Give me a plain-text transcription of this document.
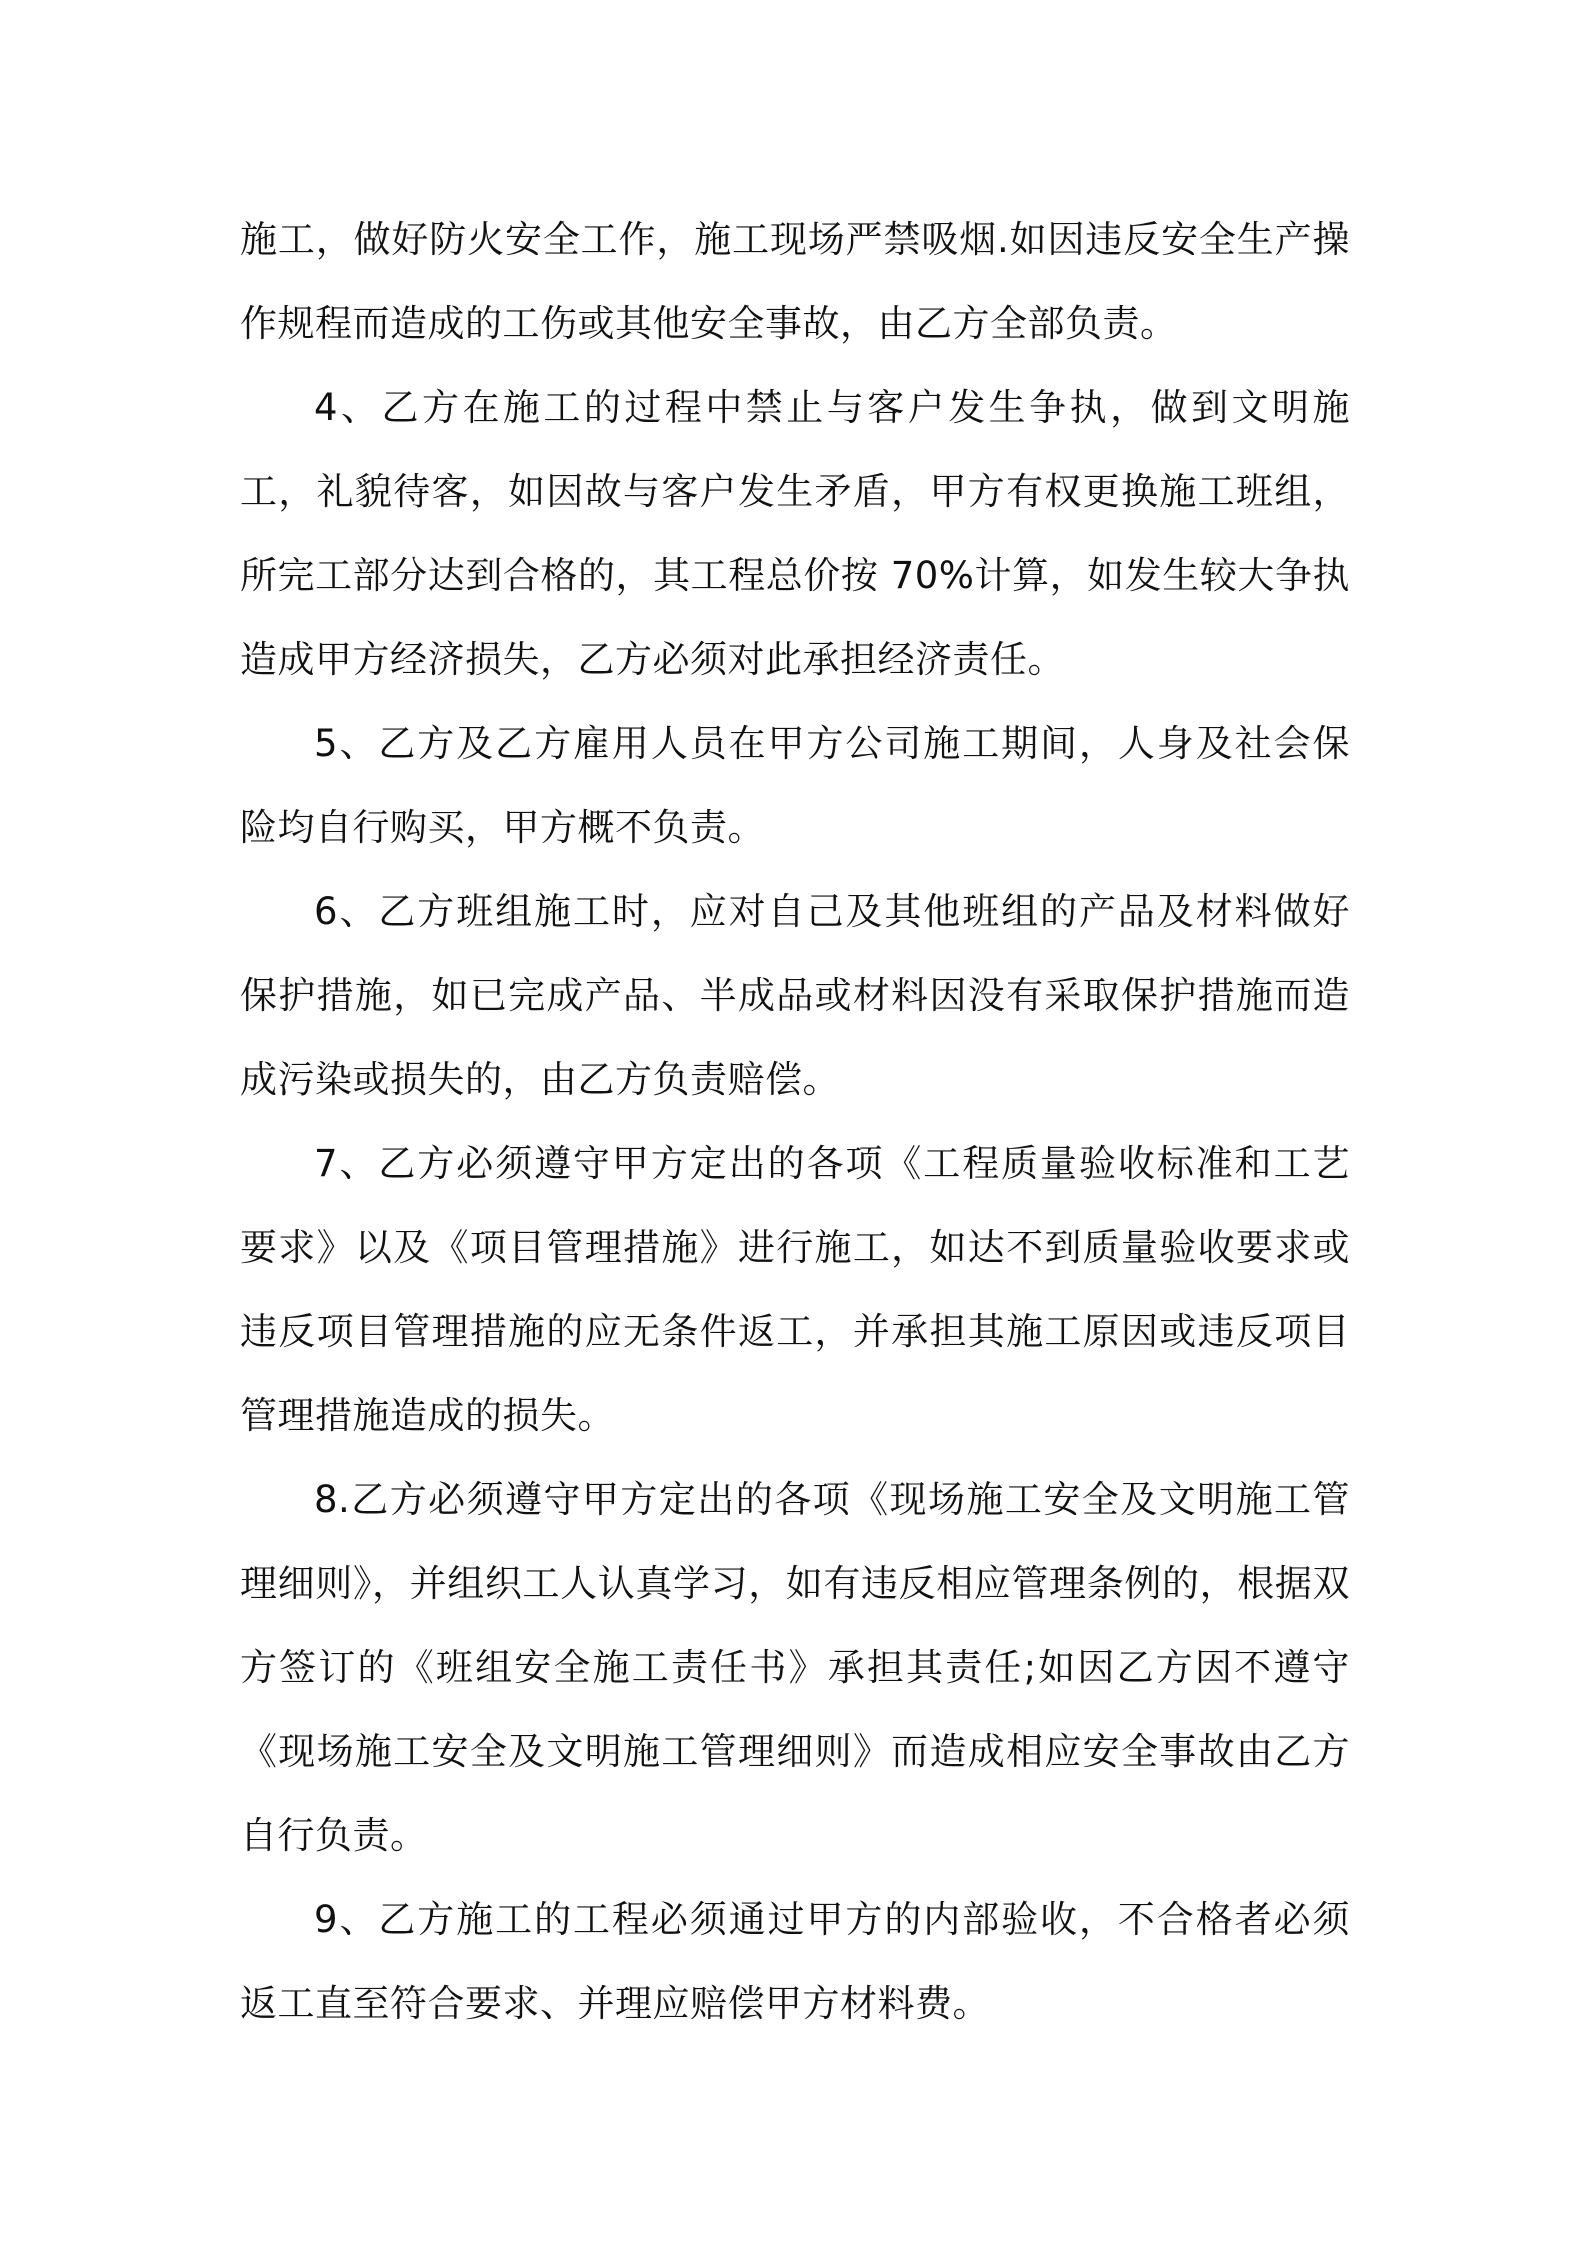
施工，做好防火安全工作，施工现场严禁吸烟.如因违反安全生产操作规程而造成的工伤或其他安全事故，由乙方全部负责。

4、乙方在施工的过程中禁止与客户发生争执，做到文明施工，礼貌待客，如因故与客户发生矛盾，甲方有权更换施工班组，所完工部分达到合格的，其工程总价按 70%计算，如发生较大争执造成甲方经济损失，乙方必须对此承担经济责任。

5、乙方及乙方雇用人员在甲方公司施工期间，人身及社会保险均自行购买，甲方概不负责。

6、乙方班组施工时，应对自己及其他班组的产品及材料做好保护措施，如已完成产品、半成品或材料因没有采取保护措施而造成污染或损失的，由乙方负责赔偿。

7、乙方必须遵守甲方定出的各项《工程质量验收标准和工艺要求》以及《项目管理措施》进行施工，如达不到质量验收要求或违反项目管理措施的应无条件返工，并承担其施工原因或违反项目管理措施造成的损失。

8.乙方必须遵守甲方定出的各项《现场施工安全及文明施工管理细则》，并组织工人认真学习，如有违反相应管理条例的，根据双方签订的《班组安全施工责任书》承担其责任;如因乙方因不遵守《现场施工安全及文明施工管理细则》而造成相应安全事故由乙方自行负责。

9、乙方施工的工程必须通过甲方的内部验收，不合格者必须返工直至符合要求、并理应赔偿甲方材料费。
